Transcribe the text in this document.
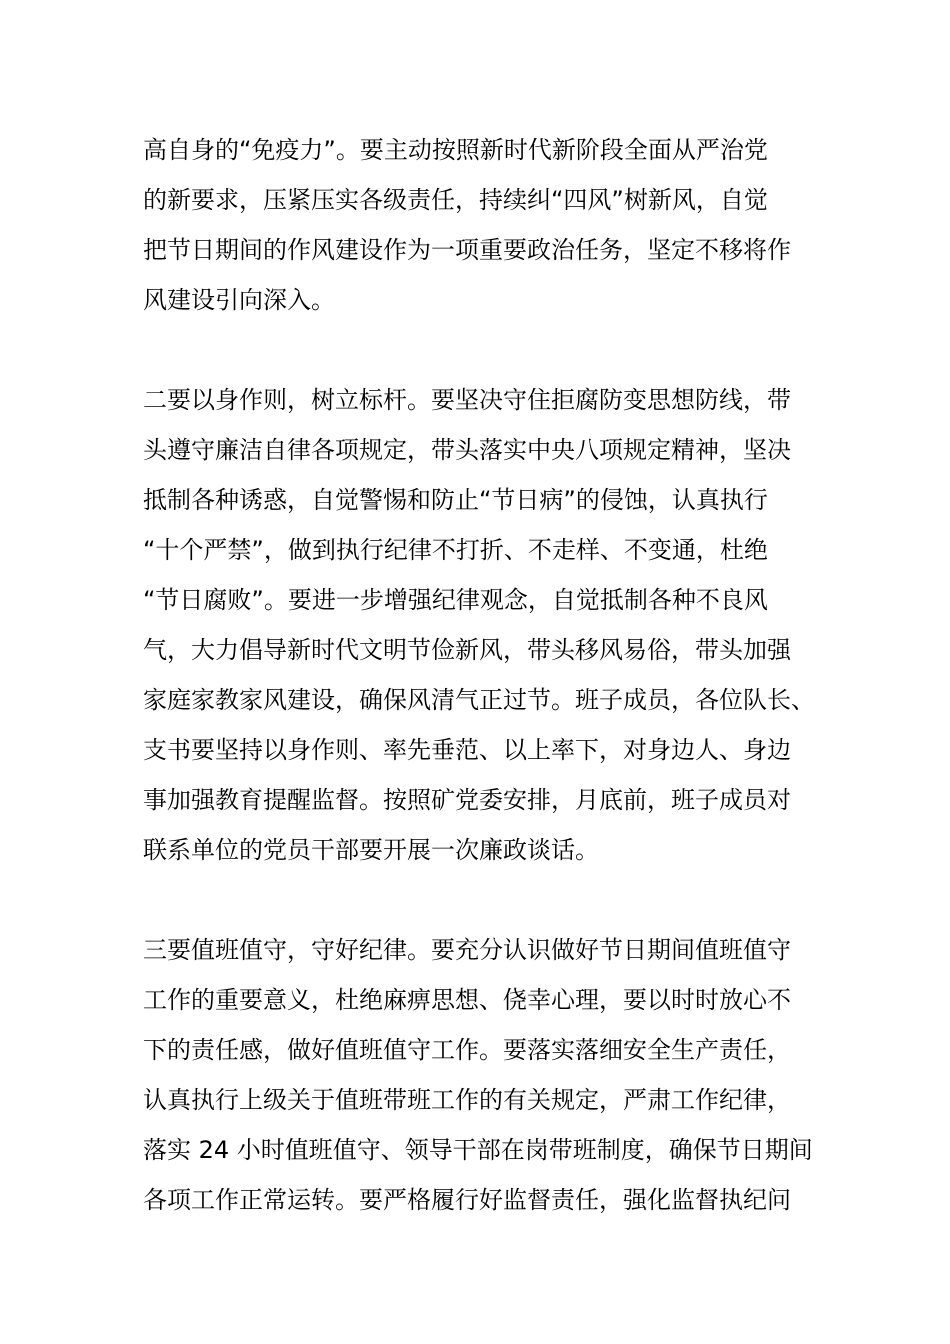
高自身的“免疫力”。要主动按照新时代新阶段全面从严治党
的新要求，压紧压实各级责任，持续纠“四风”树新风，自觉
把节日期间的作风建设作为一项重要政治任务，坚定不移将作
风建设引向深入。
二要以身作则，树立标杆。要坚决守住拒腐防变思想防线，带
头遵守廉洁自律各项规定，带头落实中央八项规定精神，坚决
抵制各种诱惑，自觉警惕和防止“节日病”的侵蚀，认真执行
“十个严禁”，做到执行纪律不打折、不走样、不变通，杜绝
“节日腐败”。要进一步增强纪律观念，自觉抵制各种不良风
气，大力倡导新时代文明节俭新风，带头移风易俗，带头加强
家庭家教家风建设，确保风清气正过节。班子成员，各位队长、
支书要坚持以身作则、率先垂范、以上率下，对身边人、身边
事加强教育提醒监督。按照矿党委安排，月底前，班子成员对
联系单位的党员干部要开展一次廉政谈话。
三要值班值守，守好纪律。要充分认识做好节日期间值班值守
工作的重要意义，杜绝麻痹思想、侥幸心理，要以时时放心不
下的责任感，做好值班值守工作。要落实落细安全生产责任，
认真执行上级关于值班带班工作的有关规定，严肃工作纪律，
落实 24 小时值班值守、领导干部在岗带班制度，确保节日期间
各项工作正常运转。要严格履行好监督责任，强化监督执纪问
